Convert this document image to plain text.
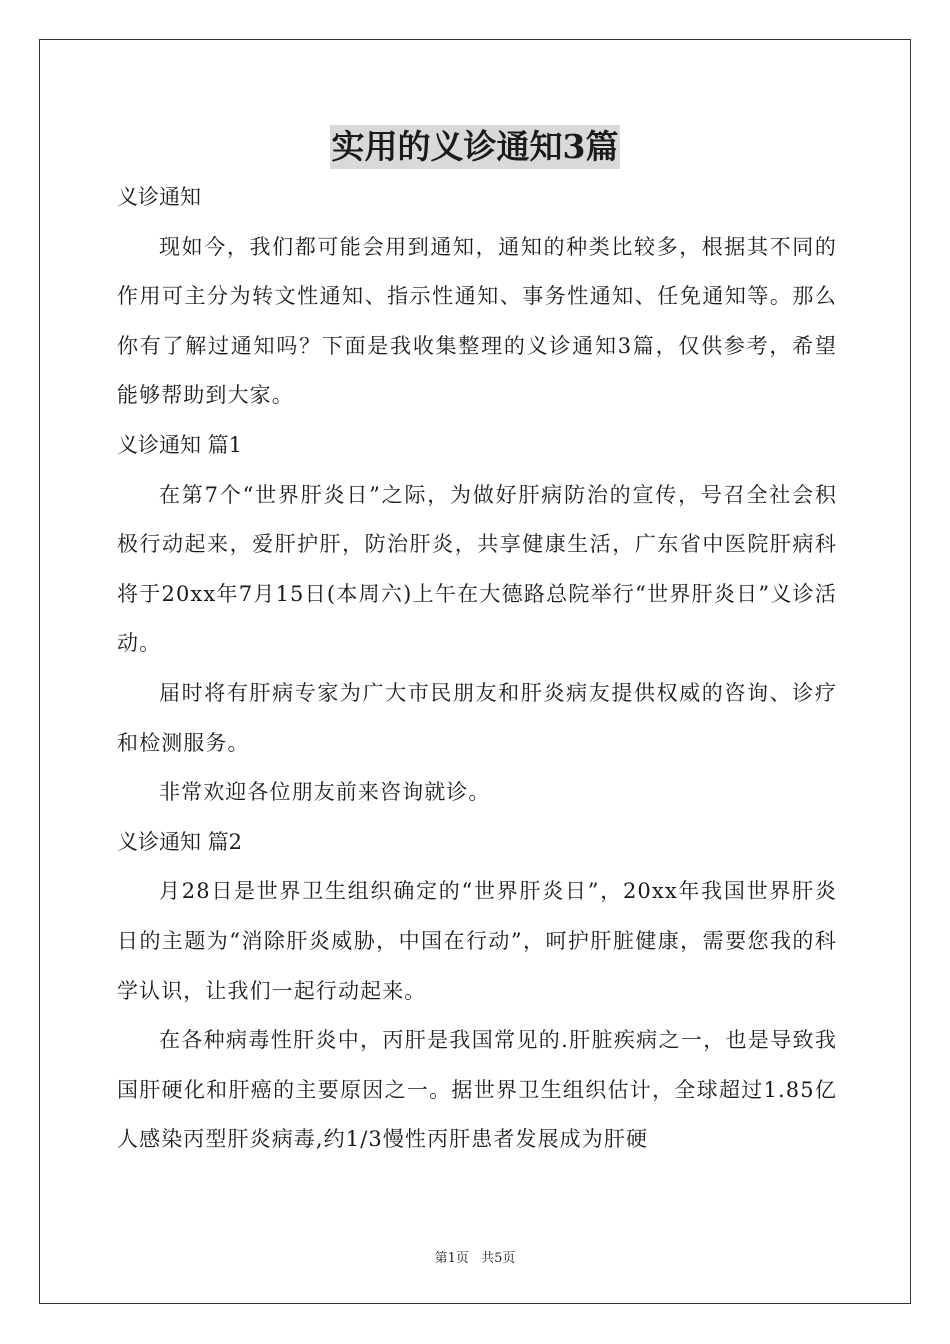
实用的义诊通知3篇

义诊通知

现如今，我们都可能会用到通知，通知的种类比较多，根据其不同的作用可主分为转文性通知、指示性通知、事务性通知、任免通知等。那么你有了解过通知吗？下面是我收集整理的义诊通知3篇，仅供参考，希望能够帮助到大家。

义诊通知 篇1

在第7个“世界肝炎日”之际，为做好肝病防治的宣传，号召全社会积极行动起来，爱肝护肝，防治肝炎，共享健康生活，广东省中医院肝病科将于20xx年7月15日(本周六)上午在大德路总院举行“世界肝炎日”义诊活动。

届时将有肝病专家为广大市民朋友和肝炎病友提供权威的咨询、诊疗和检测服务。

非常欢迎各位朋友前来咨询就诊。

义诊通知 篇2

月28日是世界卫生组织确定的“世界肝炎日”，20xx年我国世界肝炎日的主题为“消除肝炎威胁，中国在行动”，呵护肝脏健康，需要您我的科学认识，让我们一起行动起来。

在各种病毒性肝炎中，丙肝是我国常见的.肝脏疾病之一，也是导致我国肝硬化和肝癌的主要原因之一。据世界卫生组织估计，全球超过1.85亿人感染丙型肝炎病毒,约1/3慢性丙肝患者发展成为肝硬

第1页 共5页
